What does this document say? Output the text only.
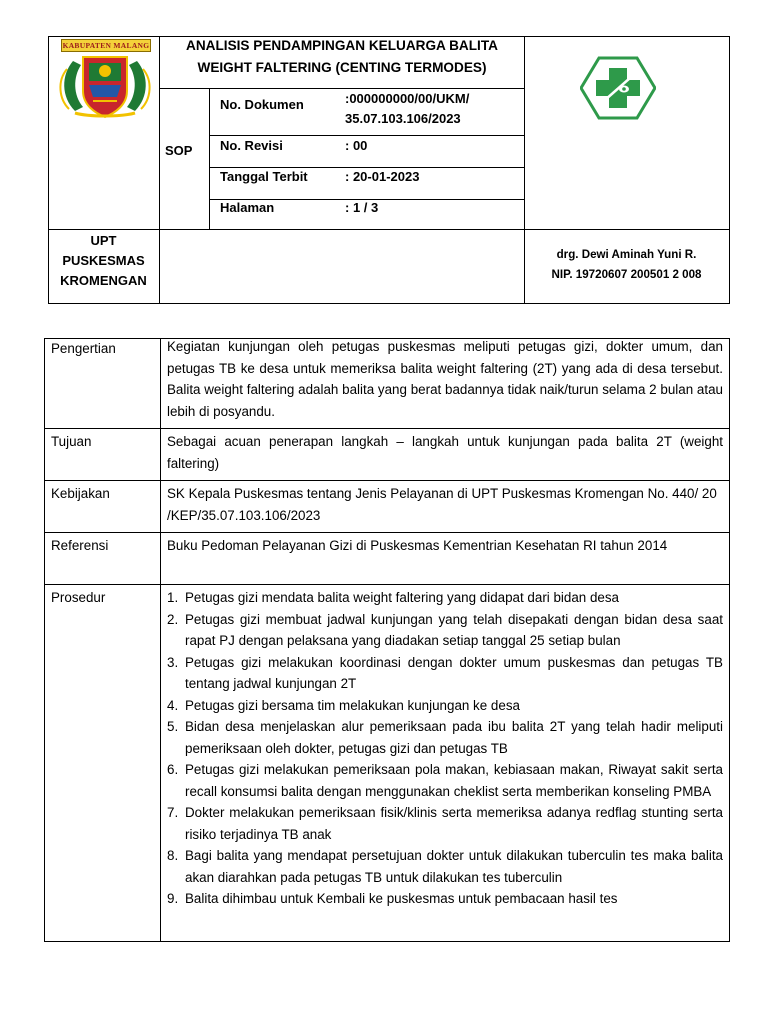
KABUPATEN MALANG	ANALISIS PENDAMPINGAN KELUARGA BALITA
WEIGHT FALTERING (CENTING TERMODES)
SOP
No. Dokumen	:000000000/00/UKM/
35.07.103.106/2023
No. Revisi	: 00
Tanggal Terbit	: 20-01-2023
Halaman	: 1 / 3
UPT
PUSKESMAS
KROMENGAN
drg. Dewi Aminah Yuni R.
NIP. 19720607 200501 2 008
Pengertian	Kegiatan kunjungan oleh petugas puskesmas meliputi petugas gizi, dokter umum, dan petugas TB ke desa untuk memeriksa balita weight faltering (2T) yang ada di desa tersebut. Balita weight faltering adalah balita yang berat badannya tidak naik/turun selama 2 bulan atau lebih di posyandu.
Tujuan	Sebagai acuan penerapan langkah – langkah untuk kunjungan pada balita 2T (weight faltering)
Kebijakan	SK Kepala Puskesmas tentang Jenis Pelayanan di UPT Puskesmas Kromengan No. 440/ 20 /KEP/35.07.103.106/2023
Referensi	Buku Pedoman Pelayanan Gizi di Puskesmas Kementrian Kesehatan RI tahun 2014
Prosedur	1. Petugas gizi mendata balita weight faltering yang didapat dari bidan desa
2. Petugas gizi membuat jadwal kunjungan yang telah disepakati dengan bidan desa saat rapat PJ dengan pelaksana yang diadakan setiap tanggal 25 setiap bulan
3. Petugas gizi melakukan koordinasi dengan dokter umum puskesmas dan petugas TB tentang jadwal kunjungan 2T
4. Petugas gizi bersama tim melakukan kunjungan ke desa
5. Bidan desa menjelaskan alur pemeriksaan pada ibu balita 2T yang telah hadir meliputi pemeriksaan oleh dokter, petugas gizi dan petugas TB
6. Petugas gizi melakukan pemeriksaan pola makan, kebiasaan makan, Riwayat sakit serta recall konsumsi balita dengan menggunakan cheklist serta memberikan konseling PMBA
7. Dokter melakukan pemeriksaan fisik/klinis serta memeriksa adanya redflag stunting serta risiko terjadinya TB anak
8. Bagi balita yang mendapat persetujuan dokter untuk dilakukan tuberculin tes maka balita akan diarahkan pada petugas TB untuk dilakukan tes tuberculin
9. Balita dihimbau untuk Kembali ke puskesmas untuk pembacaan hasil tes
